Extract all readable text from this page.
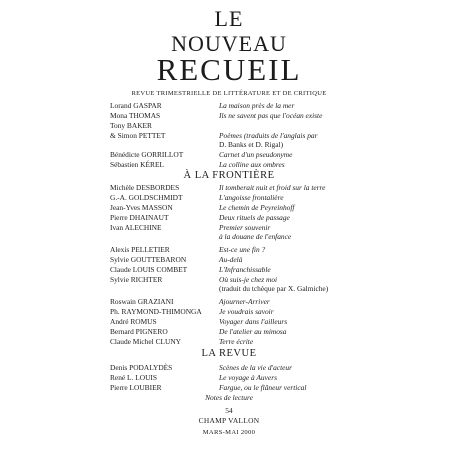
LE
NOUVEAU
RECUEIL
REVUE TRIMESTRIELLE DE LITTÉRATURE ET DE CRITIQUE
Lorand GASPAR	La maison près de la mer
Mona THOMAS	Ils ne savent pas que l'océan existe
Tony BAKER
& Simon PETTET	Poèmes (traduits de l'anglais par
D. Banks et D. Rigal)
Bénédicte GORRILLOT	Carnet d'un pseudonyme
Sébastien KÉREL	La colline aux ombres
À LA FRONTIÈRE
Michèle DESBORDES	Il tomberait nuit et froid sur la terre
G.-A. GOLDSCHMIDT	L'angoisse frontalière
Jean-Yves MASSON	Le chemin de Peyreinhoff
Pierre DHAINAUT	Deux rituels de passage
Ivan ALECHINE	Premier souvenir
à la douane de l'enfance
Alexis PELLETIER	Est-ce une fin ?
Sylvie GOUTTEBARON	Au-delà
Claude LOUIS COMBET	L'Infranchissable
Sylvie RICHTER	Où suis-je chez moi
(traduit du tchèque par X. Galmiche)
Roswain GRAZIANI	Ajourner-Arriver
Ph. RAYMOND-THIMONGA Je voudrais savoir
André ROMUS	Voyager dans l'ailleurs
Bernard PIGNERO	De l'atelier au mimosa
Claude Michel CLUNY	Terre écrite
LA REVUE
Denis PODALYDÈS	Scènes de la vie d'acteur
René L. LOUIS	Le voyage à Auvers
Pierre LOUBIER	Fargue, ou le flâneur vertical
Notes de lecture
54
CHAMP VALLON
MARS-MAI 2000
